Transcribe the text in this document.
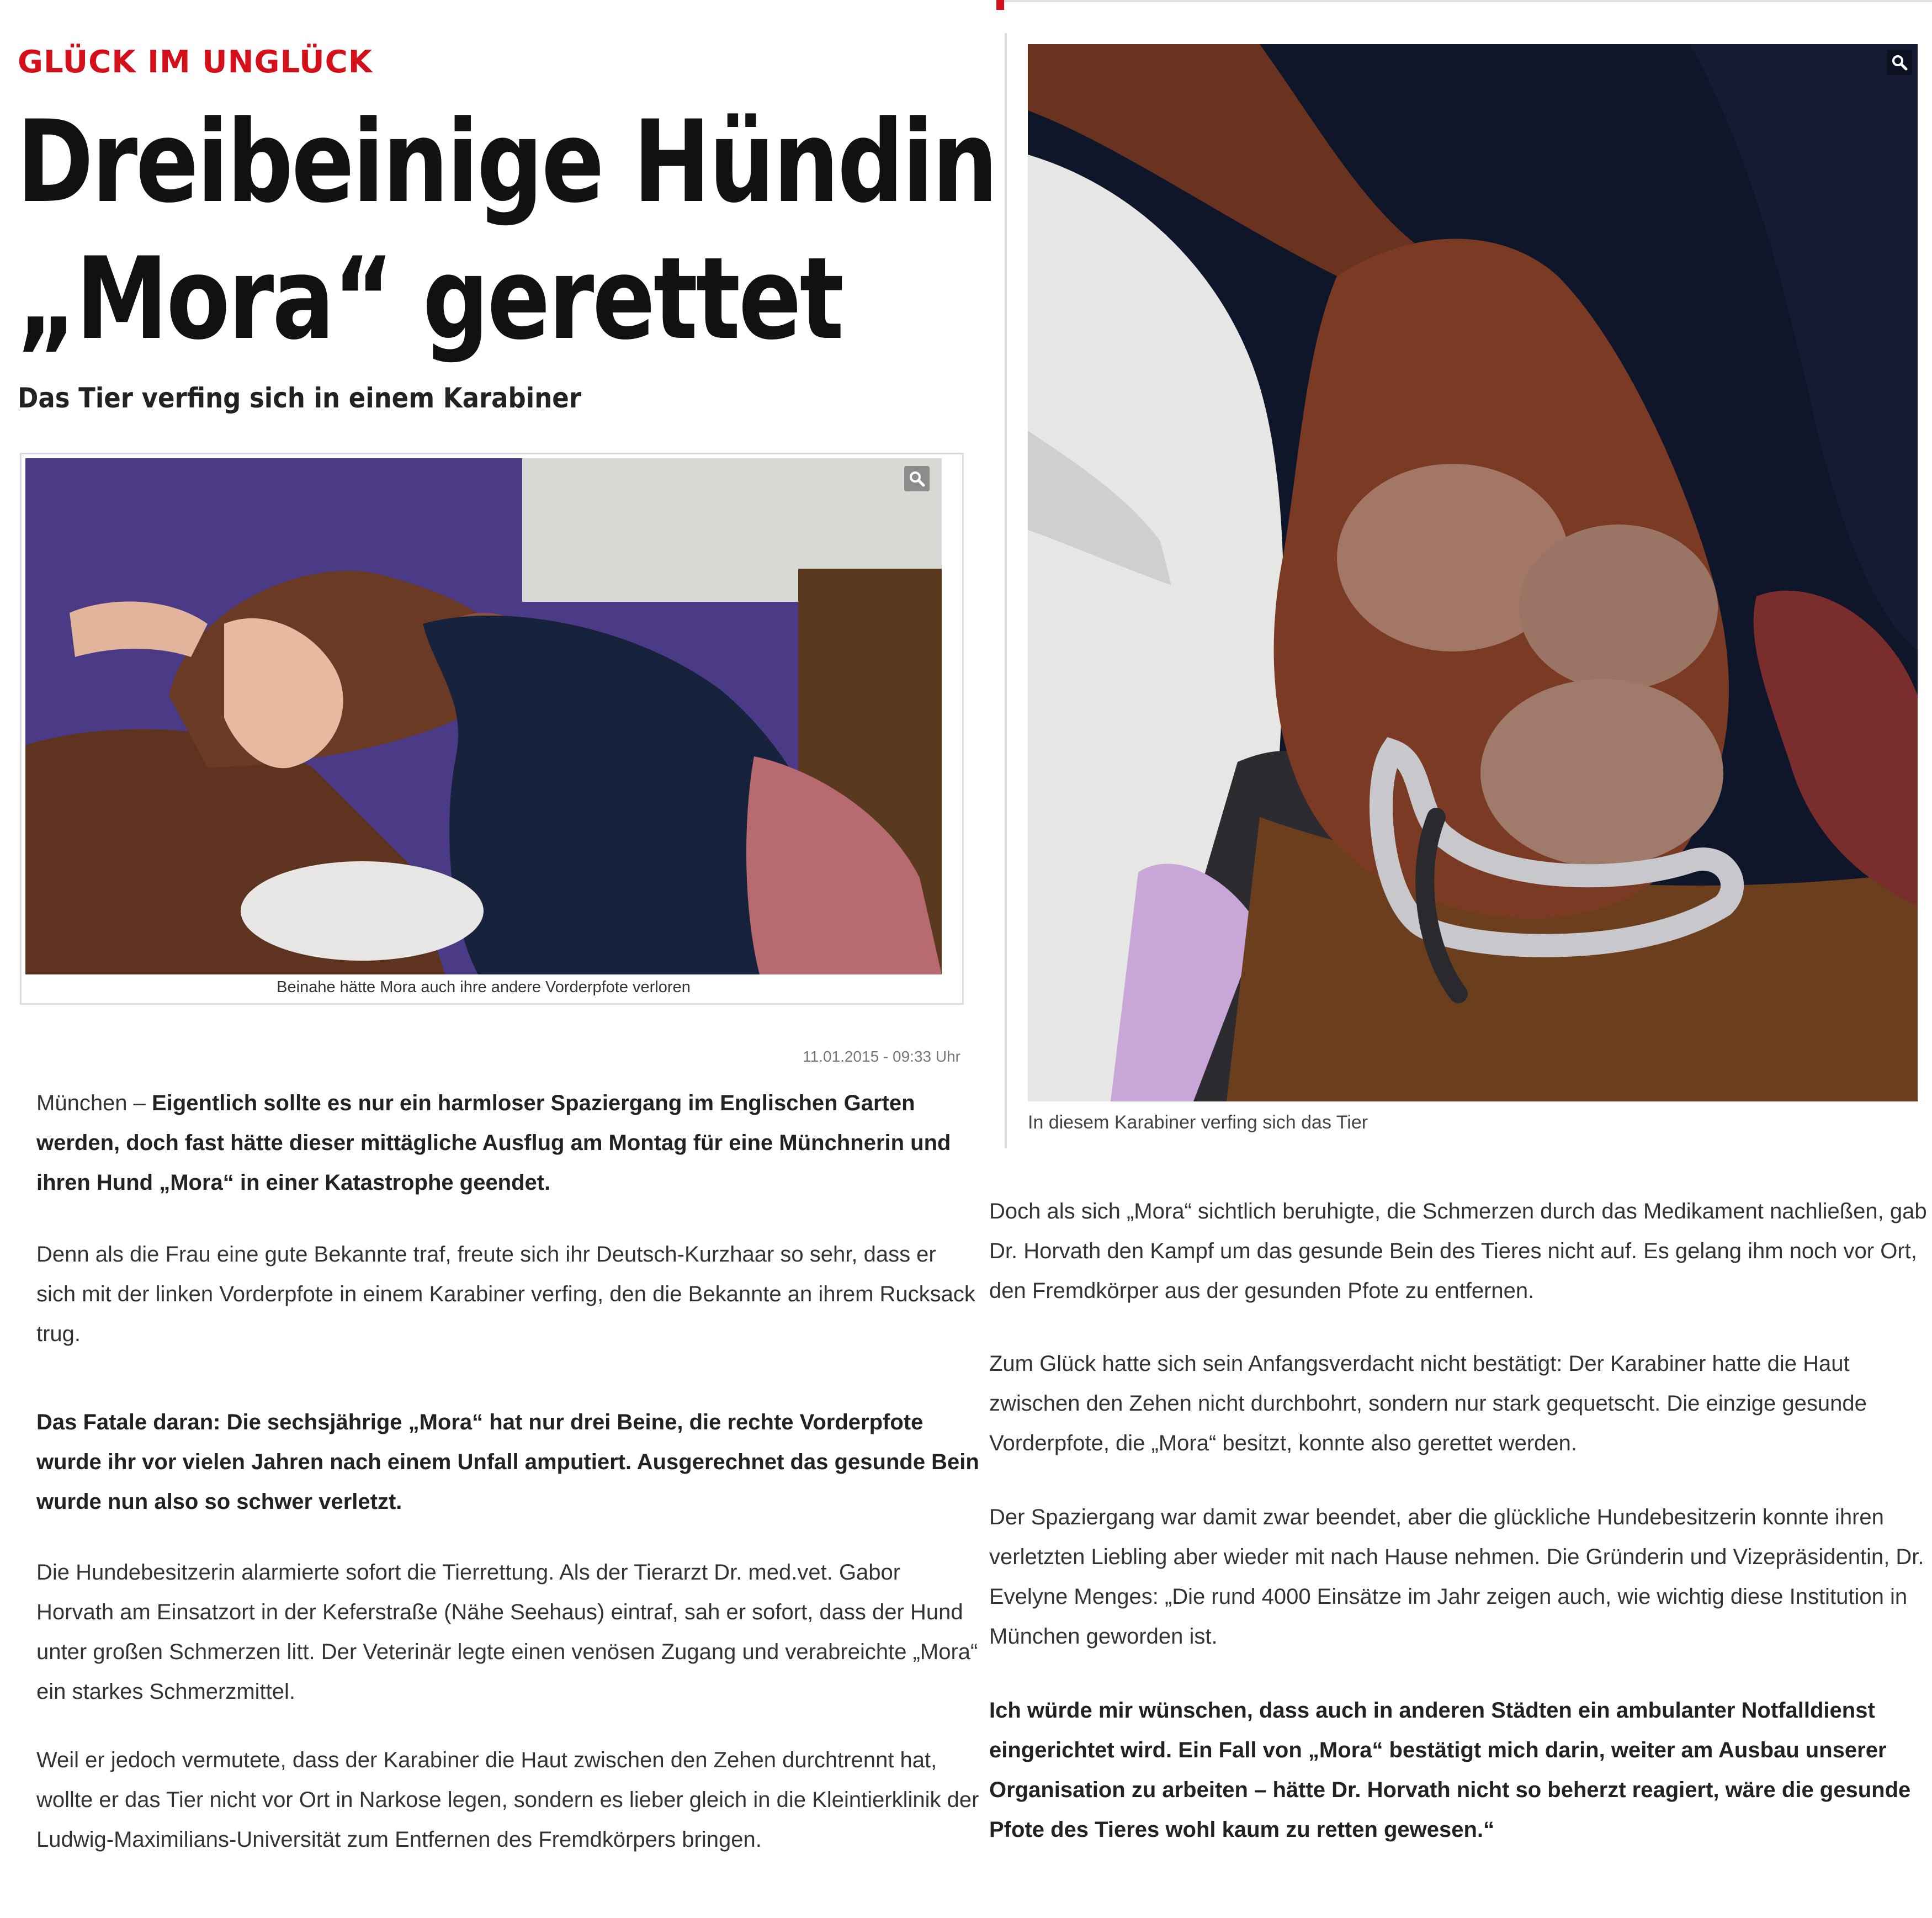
GLÜCK IM UNGLÜCK
Dreibeinige Hündin
„Mora“ gerettet
Das Tier verfing sich in einem Karabiner
Beinahe hätte Mora auch ihre andere Vorderpfote verloren
11.01.2015 - 09:33 Uhr
München – Eigentlich sollte es nur ein harmloser Spaziergang im Englischen Garten werden, doch fast hätte dieser mittägliche Ausflug am Montag für eine Münchnerin und ihren Hund „Mora“ in einer Katastrophe geendet.
Denn als die Frau eine gute Bekannte traf, freute sich ihr Deutsch-Kurzhaar so sehr, dass er sich mit der linken Vorderpfote in einem Karabiner verfing, den die Bekannte an ihrem Rucksack trug.
Das Fatale daran: Die sechsjährige „Mora“ hat nur drei Beine, die rechte Vorderpfote wurde ihr vor vielen Jahren nach einem Unfall amputiert. Ausgerechnet das gesunde Bein wurde nun also so schwer verletzt.
Die Hundebesitzerin alarmierte sofort die Tierrettung. Als der Tierarzt Dr. med.vet. Gabor Horvath am Einsatzort in der Keferstraße (Nähe Seehaus) eintraf, sah er sofort, dass der Hund unter großen Schmerzen litt. Der Veterinär legte einen venösen Zugang und verabreichte „Mora“ ein starkes Schmerzmittel.
Weil er jedoch vermutete, dass der Karabiner die Haut zwischen den Zehen durchtrennt hat, wollte er das Tier nicht vor Ort in Narkose legen, sondern es lieber gleich in die Kleintierklinik der Ludwig-Maximilians-Universität zum Entfernen des Fremdkörpers bringen.
In diesem Karabiner verfing sich das Tier
Doch als sich „Mora“ sichtlich beruhigte, die Schmerzen durch das Medikament nachließen, gab Dr. Horvath den Kampf um das gesunde Bein des Tieres nicht auf. Es gelang ihm noch vor Ort, den Fremdkörper aus der gesunden Pfote zu entfernen.
Zum Glück hatte sich sein Anfangsverdacht nicht bestätigt: Der Karabiner hatte die Haut zwischen den Zehen nicht durchbohrt, sondern nur stark gequetscht. Die einzige gesunde Vorderpfote, die „Mora“ besitzt, konnte also gerettet werden.
Der Spaziergang war damit zwar beendet, aber die glückliche Hundebesitzerin konnte ihren verletzten Liebling aber wieder mit nach Hause nehmen. Die Gründerin und Vizepräsidentin, Dr. Evelyne Menges: „Die rund 4000 Einsätze im Jahr zeigen auch, wie wichtig diese Institution in München geworden ist.
Ich würde mir wünschen, dass auch in anderen Städten ein ambulanter Notfalldienst eingerichtet wird. Ein Fall von „Mora“ bestätigt mich darin, weiter am Ausbau unserer Organisation zu arbeiten – hätte Dr. Horvath nicht so beherzt reagiert, wäre die gesunde Pfote des Tieres wohl kaum zu retten gewesen.“
